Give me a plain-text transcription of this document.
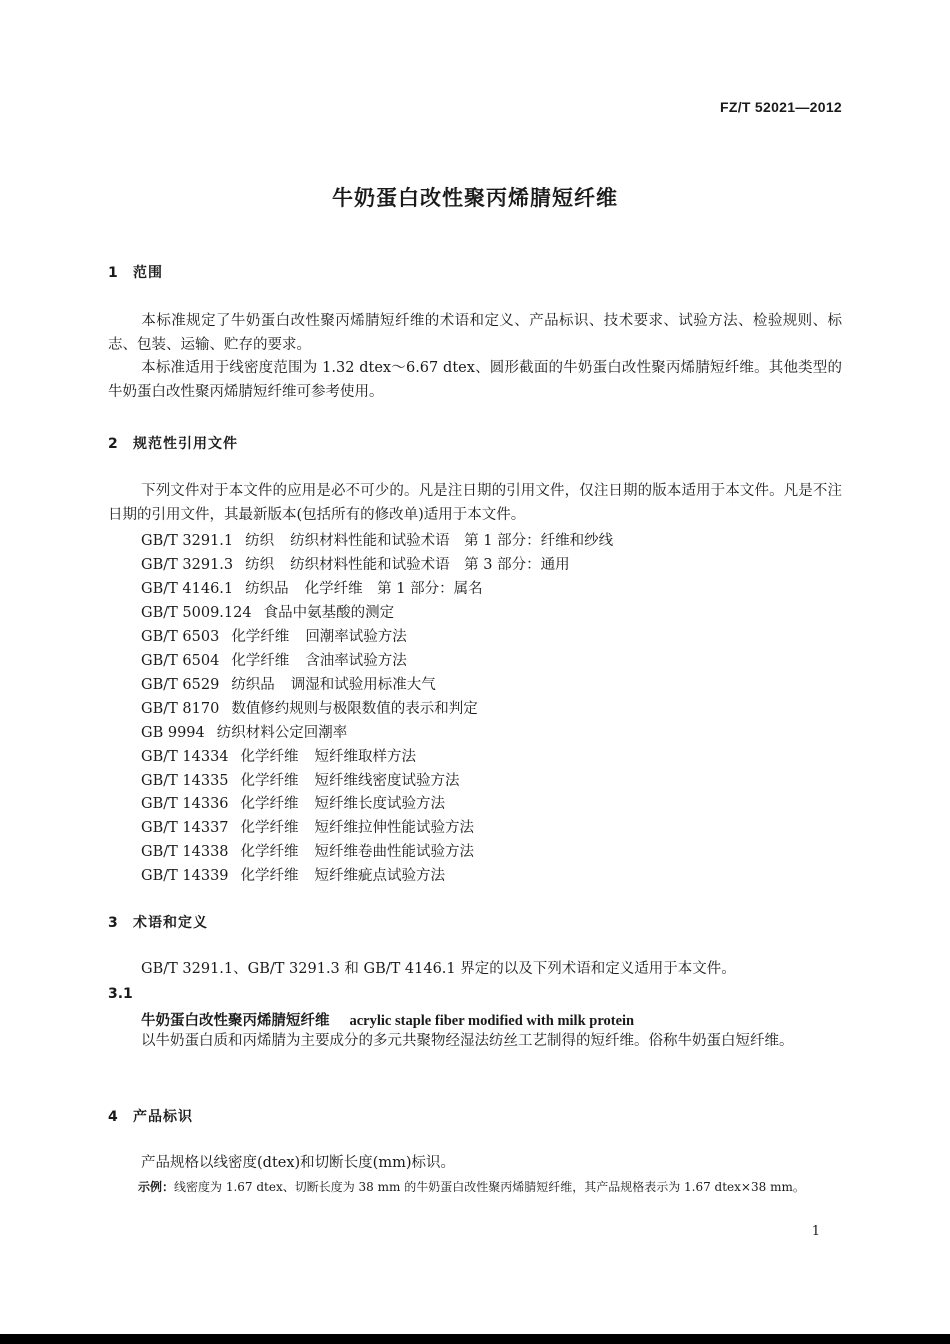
FZ/T 52021—2012
牛奶蛋白改性聚丙烯腈短纤维
1 范围
本标准规定了牛奶蛋白改性聚丙烯腈短纤维的术语和定义、产品标识、技术要求、试验方法、检验规则、标志、包装、运输、贮存的要求。
本标准适用于线密度范围为 1.32 dtex～6.67 dtex、圆形截面的牛奶蛋白改性聚丙烯腈短纤维。其他类型的牛奶蛋白改性聚丙烯腈短纤维可参考使用。
2 规范性引用文件
下列文件对于本文件的应用是必不可少的。凡是注日期的引用文件，仅注日期的版本适用于本文件。凡是不注日期的引用文件，其最新版本(包括所有的修改单)适用于本文件。
GB/T 3291.1 纺织 纺织材料性能和试验术语　第 1 部分：纤维和纱线
GB/T 3291.3 纺织 纺织材料性能和试验术语　第 3 部分：通用
GB/T 4146.1 纺织品 化学纤维　第 1 部分：属名
GB/T 5009.124 食品中氨基酸的测定
GB/T 6503 化学纤维 回潮率试验方法
GB/T 6504 化学纤维 含油率试验方法
GB/T 6529 纺织品 调湿和试验用标准大气
GB/T 8170 数值修约规则与极限数值的表示和判定
GB 9994 纺织材料公定回潮率
GB/T 14334 化学纤维 短纤维取样方法
GB/T 14335 化学纤维 短纤维线密度试验方法
GB/T 14336 化学纤维 短纤维长度试验方法
GB/T 14337 化学纤维 短纤维拉伸性能试验方法
GB/T 14338 化学纤维 短纤维卷曲性能试验方法
GB/T 14339 化学纤维 短纤维疵点试验方法
3 术语和定义
GB/T 3291.1、GB/T 3291.3 和 GB/T 4146.1 界定的以及下列术语和定义适用于本文件。
3.1
牛奶蛋白改性聚丙烯腈短纤维 acrylic staple fiber modified with milk protein
以牛奶蛋白质和丙烯腈为主要成分的多元共聚物经湿法纺丝工艺制得的短纤维。俗称牛奶蛋白短纤维。
4 产品标识
产品规格以线密度(dtex)和切断长度(mm)标识。
示例：线密度为 1.67 dtex、切断长度为 38 mm 的牛奶蛋白改性聚丙烯腈短纤维，其产品规格表示为 1.67 dtex×38 mm。
1
